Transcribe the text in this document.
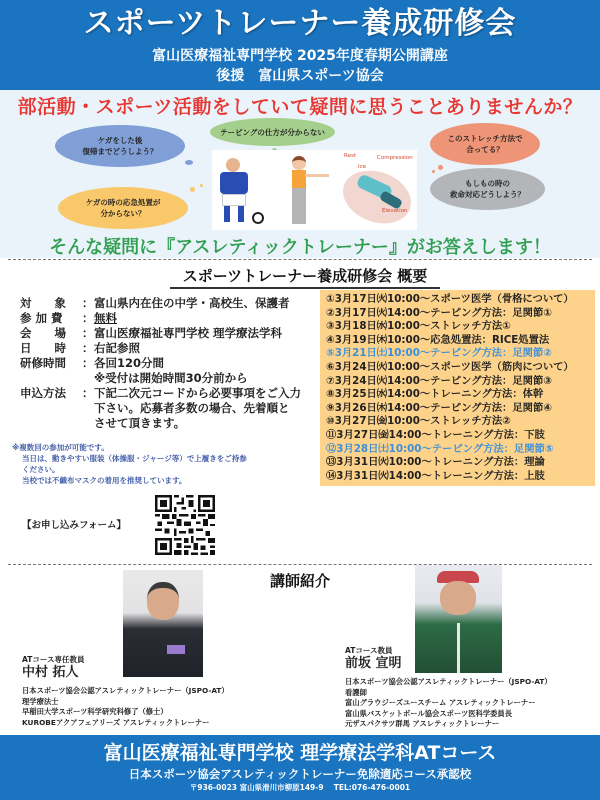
スポーツトレーナー養成研修会
富山医療福祉専門学校 2025年度春期公開講座
後援　富山県スポーツ協会
部活動・スポーツ活動をしていて疑問に思うことありませんか？
ケガをした後
復帰までどうしよう？
テーピングの仕方が分からない
ケガの時の応急処置が
分からない？
このストレッチ方法で
合ってる？
もしもの時の
救命対応どうしよう？
Rest
Ice
Compression
Elevation
そんな疑問に『アスレティックトレーナー』がお答えします！
スポーツトレーナー養成研修会 概要
対　　象	： 富山県内在住の中学・高校生、保護者
参 加 費	： 無料
会　　場	： 富山医療福祉専門学校 理学療法学科
日　　時	： 右記参照
研修時間	： 各回120分間
※受付は開始時間30分前から
申込方法	： 下記二次元コードから必要事項をご入力
下さい。応募者多数の場合、先着順と
させて頂きます。
①3月17日㈫10:00～スポーツ医学（骨格について）
②3月17日㈫14:00～テーピング方法：足関節①
③3月18日㈬10:00～ストレッチ方法①
④3月19日㈭10:00～応急処置法：RICE処置法
⑤3月21日㈯10:00～テーピング方法：足関節②
⑥3月24日㈫10:00～スポーツ医学（筋肉について）
⑦3月24日㈫14:00～テーピング方法：足関節③
⑧3月25日㈬14:00～トレーニング方法：体幹
⑨3月26日㈭14:00～テーピング方法：足関節④
⑩3月27日㈮10:00～ストレッチ方法②
⑪3月27日㈮14:00～トレーニング方法：下肢
⑫3月28日㈯10:00～テーピング方法：足関節⑤
⑬3月31日㈫10:00～トレーニング方法：理論
⑭3月31日㈫14:00～トレーニング方法：上肢
※複数回の参加が可能です。
当日は、動きやすい服装（体操服・ジャージ等）で上履きをご持参
ください。
当校では不織布マスクの着用を推奨しています。
【お申し込みフォーム】
講師紹介
ATコース専任教員
中村 拓人
日本スポーツ協会公認アスレティックトレーナー（JSPO-AT）
理学療法士
早稲田大学スポーツ科学研究科修了（修士）
KUROBEアクアフェアリーズ アスレティックトレーナー
ATコース教員
前坂 宣明
日本スポーツ協会公認アスレティックトレーナー（JSPO-AT）
看護師
富山グラウジーズユースチーム アスレティックトレーナー
富山県バスケットボール協会スポーツ医科学委員長
元ザスパクサツ群馬 アスレティックトレーナー
富山医療福祉専門学校 理学療法学科ATコース
日本スポーツ協会アスレティックトレーナー免除適応コース承認校
〒936-0023 富山県滑川市柳原149-9　 TEL:076-476-0001
